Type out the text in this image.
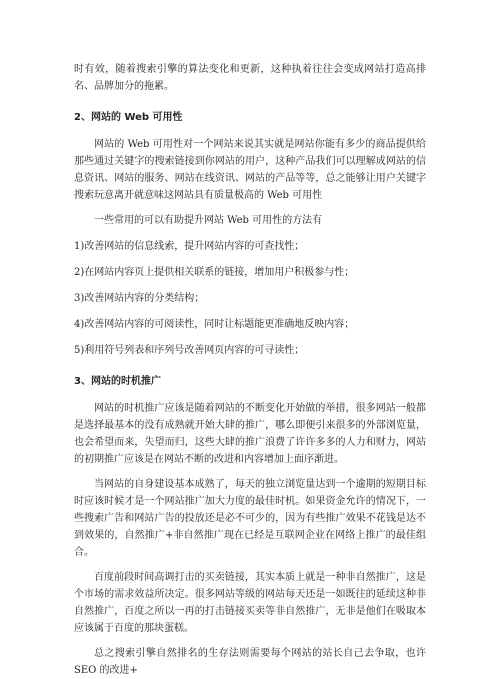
时有效，随着搜索引擎的算法变化和更新，这种执着往往会变成网站打造高排名、品牌加分的拖累。

2、网站的 Web 可用性

网站的 Web 可用性对一个网站来说其实就是网站你能有多少的商品提供给那些通过关键字的搜索链接到你网站的用户，这种产品我们可以理解成网站的信息资讯、网站的服务、网站在线资讯、网站的产品等等，总之能够让用户关键字搜索玩意离开就意味这网站具有质量极高的 Web 可用性

一些常用的可以有助提升网站 Web 可用性的方法有

1)改善网站的信息线索，提升网站内容的可查找性；

2)在网站内容页上提供相关联系的链接，增加用户积极参与性；

3)改善网站内容的分类结构；

4)改善网站内容的可阅读性，同时让标题能更准确地反映内容；

5)利用符号列表和序列号改善网页内容的可寻读性；

3、网站的时机推广

网站的时机推广应该是随着网站的不断变化开始做的举措，很多网站一般都是选择最基本的没有成熟就开始大肆的推广，哪么即便引来很多的外部浏览量，也会希望而来，失望而归，这些大肆的推广浪费了许许多多的人力和财力，网站的初期推广应该是在网站不断的改进和内容增加上面序渐进。

当网站的自身建设基本成熟了，每天的独立浏览量达到一个逾期的短期目标时应该时候才是一个网站推广加大力度的最佳时机。如果资金允许的情况下，一些搜索广告和网站广告的投放还是必不可少的，因为有些推广效果不花钱是达不到效果的，自然推广+非自然推广现在已经是互联网企业在网络上推广的最佳组合。

百度前段时间高调打击的买卖链接，其实本质上就是一种非自然推广，这是个市场的需求效益所决定。很多网站等级的网站每天还是一如既往的延续这种非自然推广，百度之所以一再的打击链接买卖等非自然推广，无非是他们在吸取本应该属于百度的那块蛋糕。

总之搜索引擎自然排名的生存法则需要每个网站的站长自己去争取，也许 SEO 的改进+
